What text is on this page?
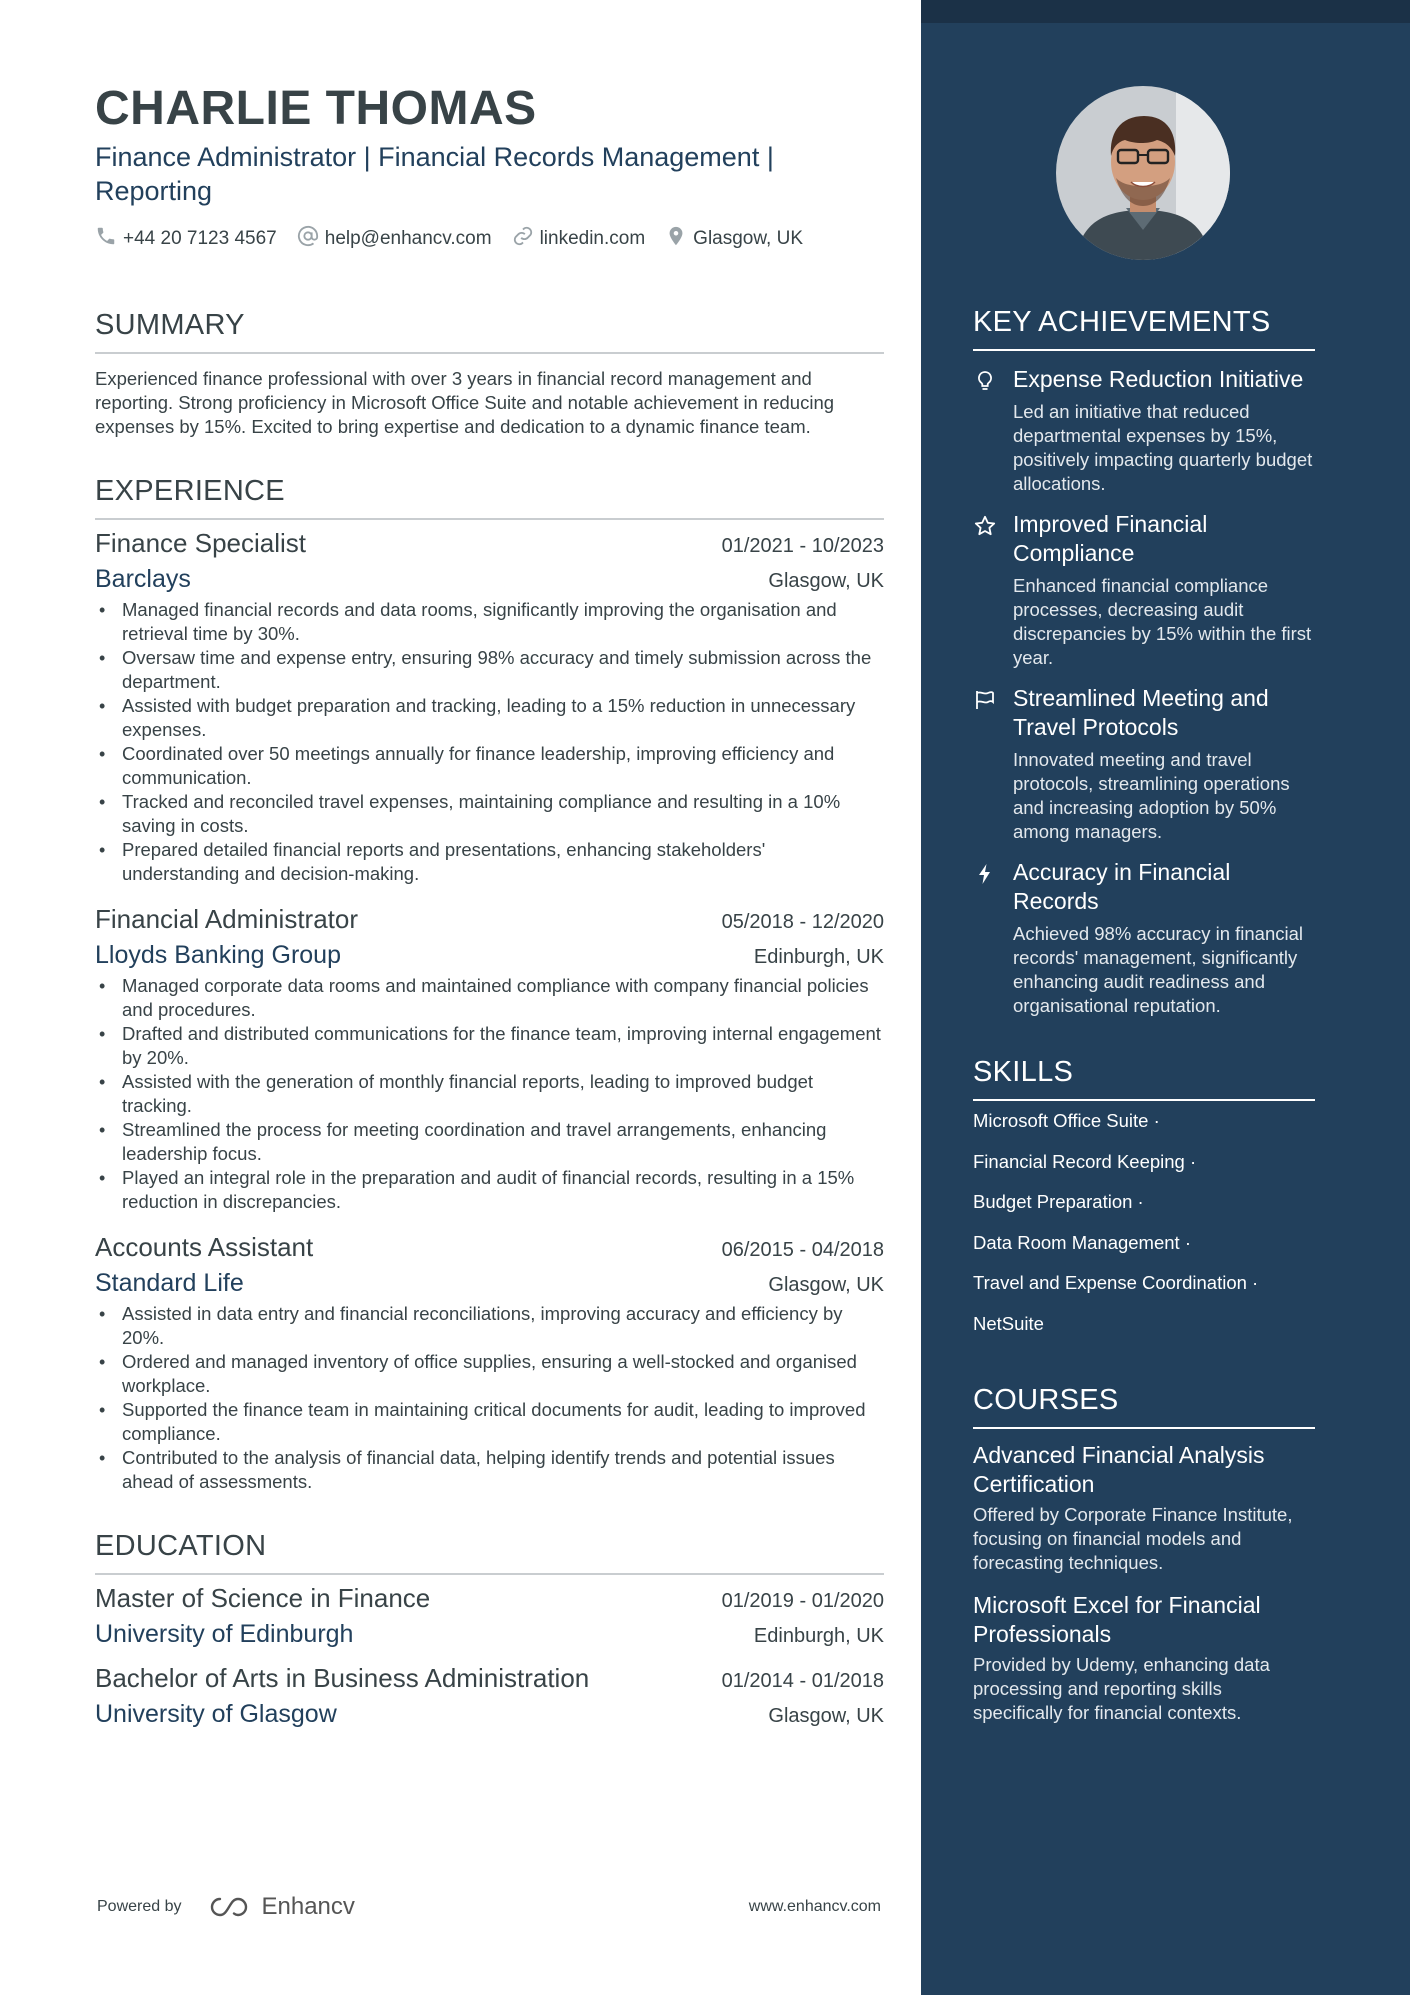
CHARLIE THOMAS
Finance Administrator | Financial Records Management | Reporting
+44 20 7123 4567	help@enhancv.com	linkedin.com	Glasgow, UK
SUMMARY
Experienced finance professional with over 3 years in financial record management and reporting. Strong proficiency in Microsoft Office Suite and notable achievement in reducing expenses by 15%. Excited to bring expertise and dedication to a dynamic finance team.
EXPERIENCE
Finance Specialist	01/2021 - 10/2023
Barclays	Glasgow, UK
• Managed financial records and data rooms, significantly improving the organisation and retrieval time by 30%.
• Oversaw time and expense entry, ensuring 98% accuracy and timely submission across the department.
• Assisted with budget preparation and tracking, leading to a 15% reduction in unnecessary expenses.
• Coordinated over 50 meetings annually for finance leadership, improving efficiency and communication.
• Tracked and reconciled travel expenses, maintaining compliance and resulting in a 10% saving in costs.
• Prepared detailed financial reports and presentations, enhancing stakeholders' understanding and decision-making.
Financial Administrator	05/2018 - 12/2020
Lloyds Banking Group	Edinburgh, UK
• Managed corporate data rooms and maintained compliance with company financial policies and procedures.
• Drafted and distributed communications for the finance team, improving internal engagement by 20%.
• Assisted with the generation of monthly financial reports, leading to improved budget tracking.
• Streamlined the process for meeting coordination and travel arrangements, enhancing leadership focus.
• Played an integral role in the preparation and audit of financial records, resulting in a 15% reduction in discrepancies.
Accounts Assistant	06/2015 - 04/2018
Standard Life	Glasgow, UK
• Assisted in data entry and financial reconciliations, improving accuracy and efficiency by 20%.
• Ordered and managed inventory of office supplies, ensuring a well-stocked and organised workplace.
• Supported the finance team in maintaining critical documents for audit, leading to improved compliance.
• Contributed to the analysis of financial data, helping identify trends and potential issues ahead of assessments.
EDUCATION
Master of Science in Finance	01/2019 - 01/2020
University of Edinburgh	Edinburgh, UK
Bachelor of Arts in Business Administration	01/2014 - 01/2018
University of Glasgow	Glasgow, UK
Powered by	Enhancv	www.enhancv.com
KEY ACHIEVEMENTS
Expense Reduction Initiative
Led an initiative that reduced departmental expenses by 15%, positively impacting quarterly budget allocations.
Improved Financial Compliance
Enhanced financial compliance processes, decreasing audit discrepancies by 15% within the first year.
Streamlined Meeting and Travel Protocols
Innovated meeting and travel protocols, streamlining operations and increasing adoption by 50% among managers.
Accuracy in Financial Records
Achieved 98% accuracy in financial records' management, significantly enhancing audit readiness and organisational reputation.
SKILLS
Microsoft Office Suite ·
Financial Record Keeping ·
Budget Preparation ·
Data Room Management ·
Travel and Expense Coordination ·
NetSuite
COURSES
Advanced Financial Analysis Certification
Offered by Corporate Finance Institute, focusing on financial models and forecasting techniques.
Microsoft Excel for Financial Professionals
Provided by Udemy, enhancing data processing and reporting skills specifically for financial contexts.
